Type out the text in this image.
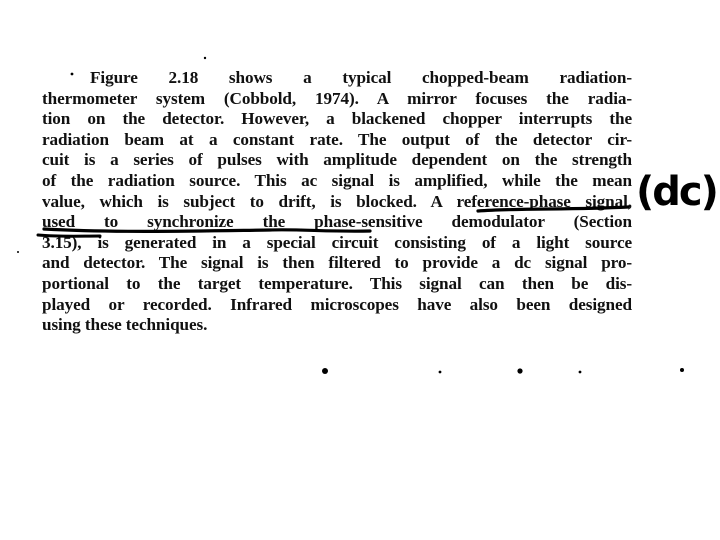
Figure 2.18 shows a typical chopped-beam radiation-
thermometer system (Cobbold, 1974). A mirror focuses the radia-
tion on the detector. However, a blackened chopper interrupts the
radiation beam at a constant rate. The output of the detector cir-
cuit is a series of pulses with amplitude dependent on the strength
of the radiation source. This ac signal is amplified, while the mean
value, which is subject to drift, is blocked. A reference-phase signal,
used to synchronize the phase-sensitive demodulator (Section
3.15), is generated in a special circuit consisting of a light source
and detector. The signal is then filtered to provide a dc signal pro-
portional to the target temperature. This signal can then be dis-
played or recorded. Infrared microscopes have also been designed
using these techniques.
(dc)
